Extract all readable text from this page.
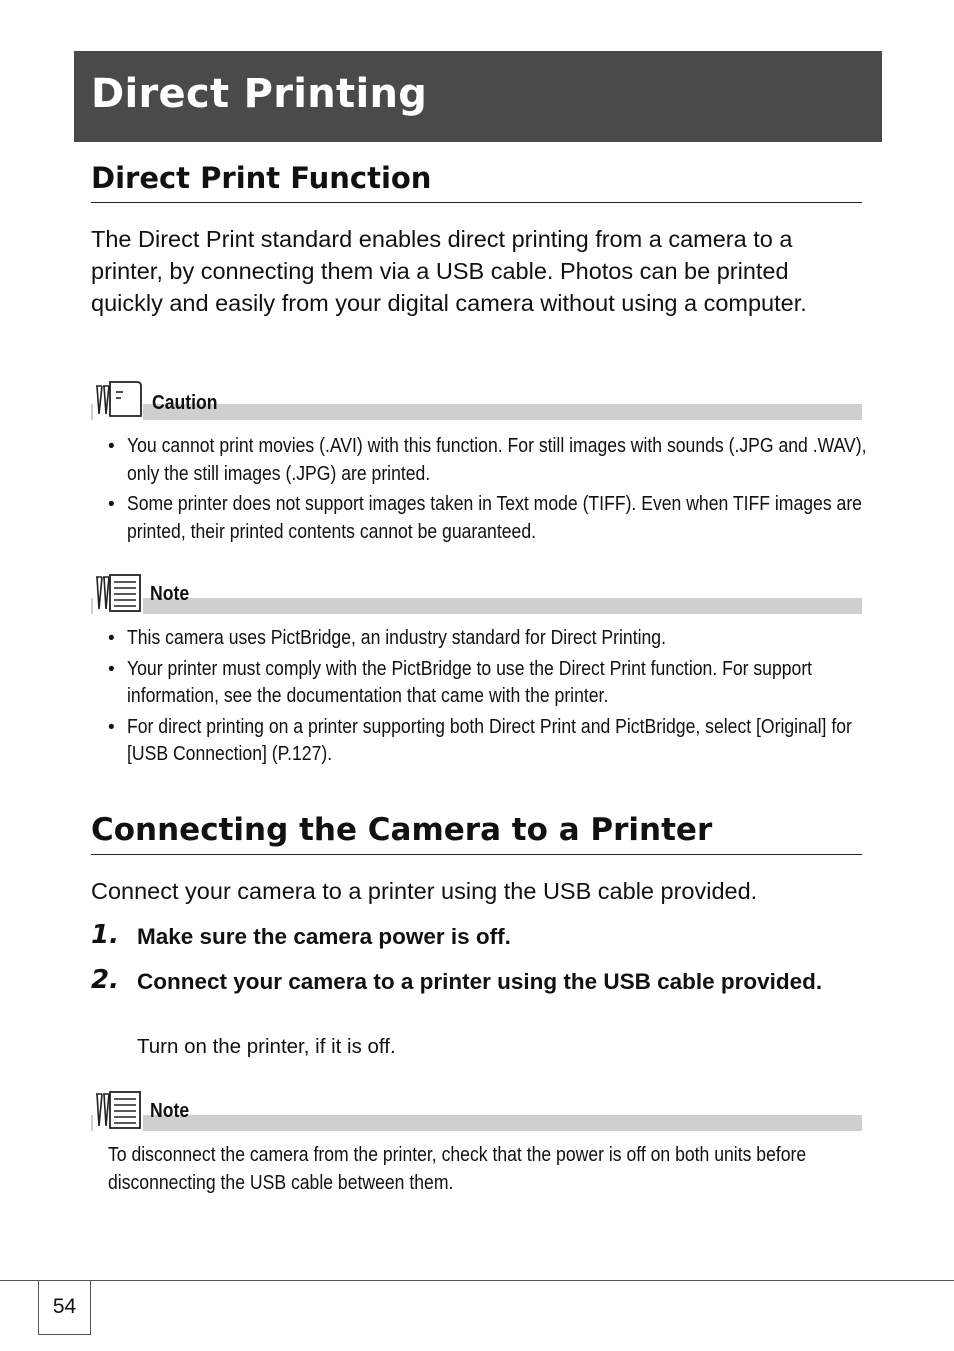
Direct Printing
Direct Print Function

The Direct Print standard enables direct printing from a camera to a printer, by connecting them via a USB cable. Photos can be printed quickly and easily from your digital camera without using a computer.

Caution

• You cannot print movies (.AVI) with this function. For still images with sounds (.JPG and .WAV), only the still images (.JPG) are printed.
• Some printer does not support images taken in Text mode (TIFF). Even when TIFF images are printed, their printed contents cannot be guaranteed.

Note

• This camera uses PictBridge, an industry standard for Direct Printing.
• Your printer must comply with the PictBridge to use the Direct Print function. For support information, see the documentation that came with the printer.
• For direct printing on a printer supporting both Direct Print and PictBridge, select [Original] for [USB Connection] (P.127).
Connecting the Camera to a Printer

Connect your camera to a printer using the USB cable provided.

1. Make sure the camera power is off.

2. Connect your camera to a printer using the USB cable provided.

Turn on the printer, if it is off.

Note

To disconnect the camera from the printer, check that the power is off on both units before disconnecting the USB cable between them.

54
